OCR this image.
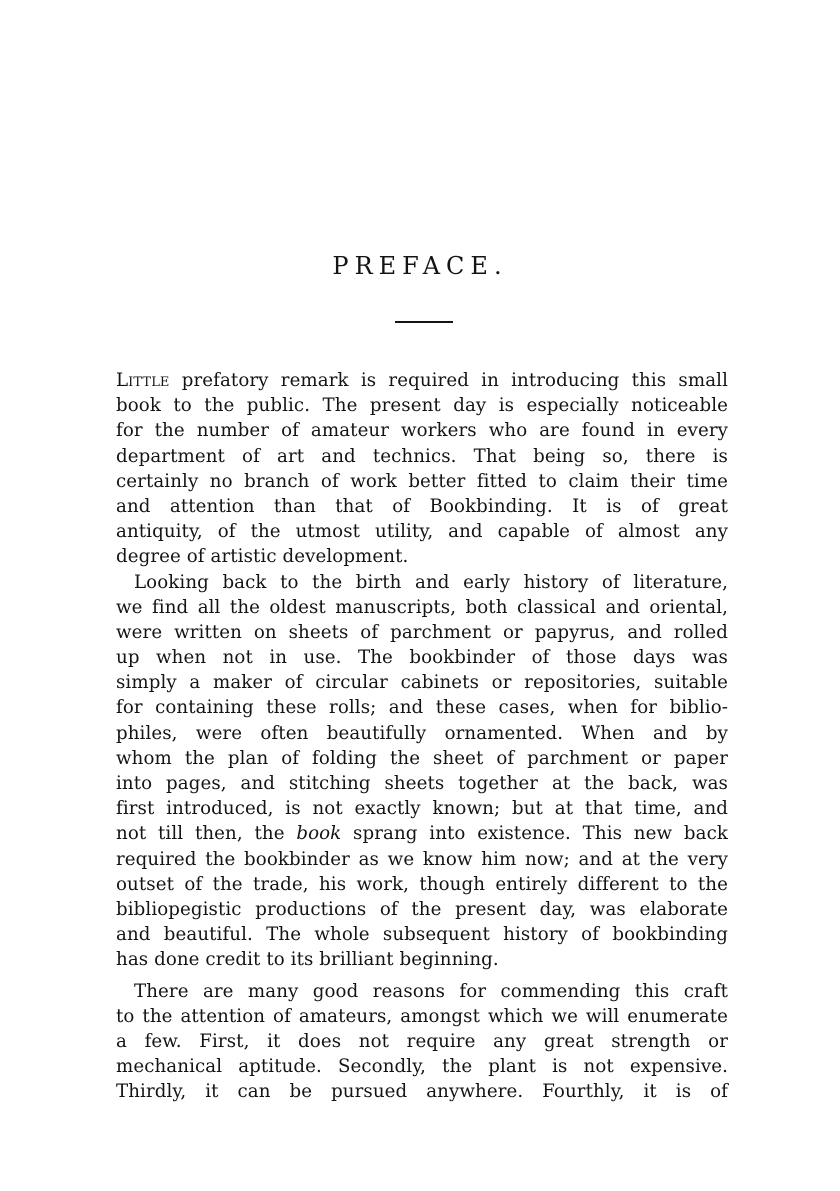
PREFACE.
Little prefatory remark is required in introducing this small
book to the public. The present day is especially noticeable
for the number of amateur workers who are found in every
department of art and technics. That being so, there is
certainly no branch of work better fitted to claim their time
and attention than that of Bookbinding. It is of great
antiquity, of the utmost utility, and capable of almost any
degree of artistic development.
Looking back to the birth and early history of literature,
we find all the oldest manuscripts, both classical and oriental,
were written on sheets of parchment or papyrus, and rolled
up when not in use. The bookbinder of those days was
simply a maker of circular cabinets or repositories, suitable
for containing these rolls; and these cases, when for biblio-
philes, were often beautifully ornamented. When and by
whom the plan of folding the sheet of parchment or paper
into pages, and stitching sheets together at the back, was
first introduced, is not exactly known; but at that time, and
not till then, the book sprang into existence. This new back
required the bookbinder as we know him now; and at the very
outset of the trade, his work, though entirely different to the
bibliopegistic productions of the present day, was elaborate
and beautiful. The whole subsequent history of bookbinding
has done credit to its brilliant beginning.
There are many good reasons for commending this craft
to the attention of amateurs, amongst which we will enumerate
a few. First, it does not require any great strength or
mechanical aptitude. Secondly, the plant is not expensive.
Thirdly, it can be pursued anywhere. Fourthly, it is of
